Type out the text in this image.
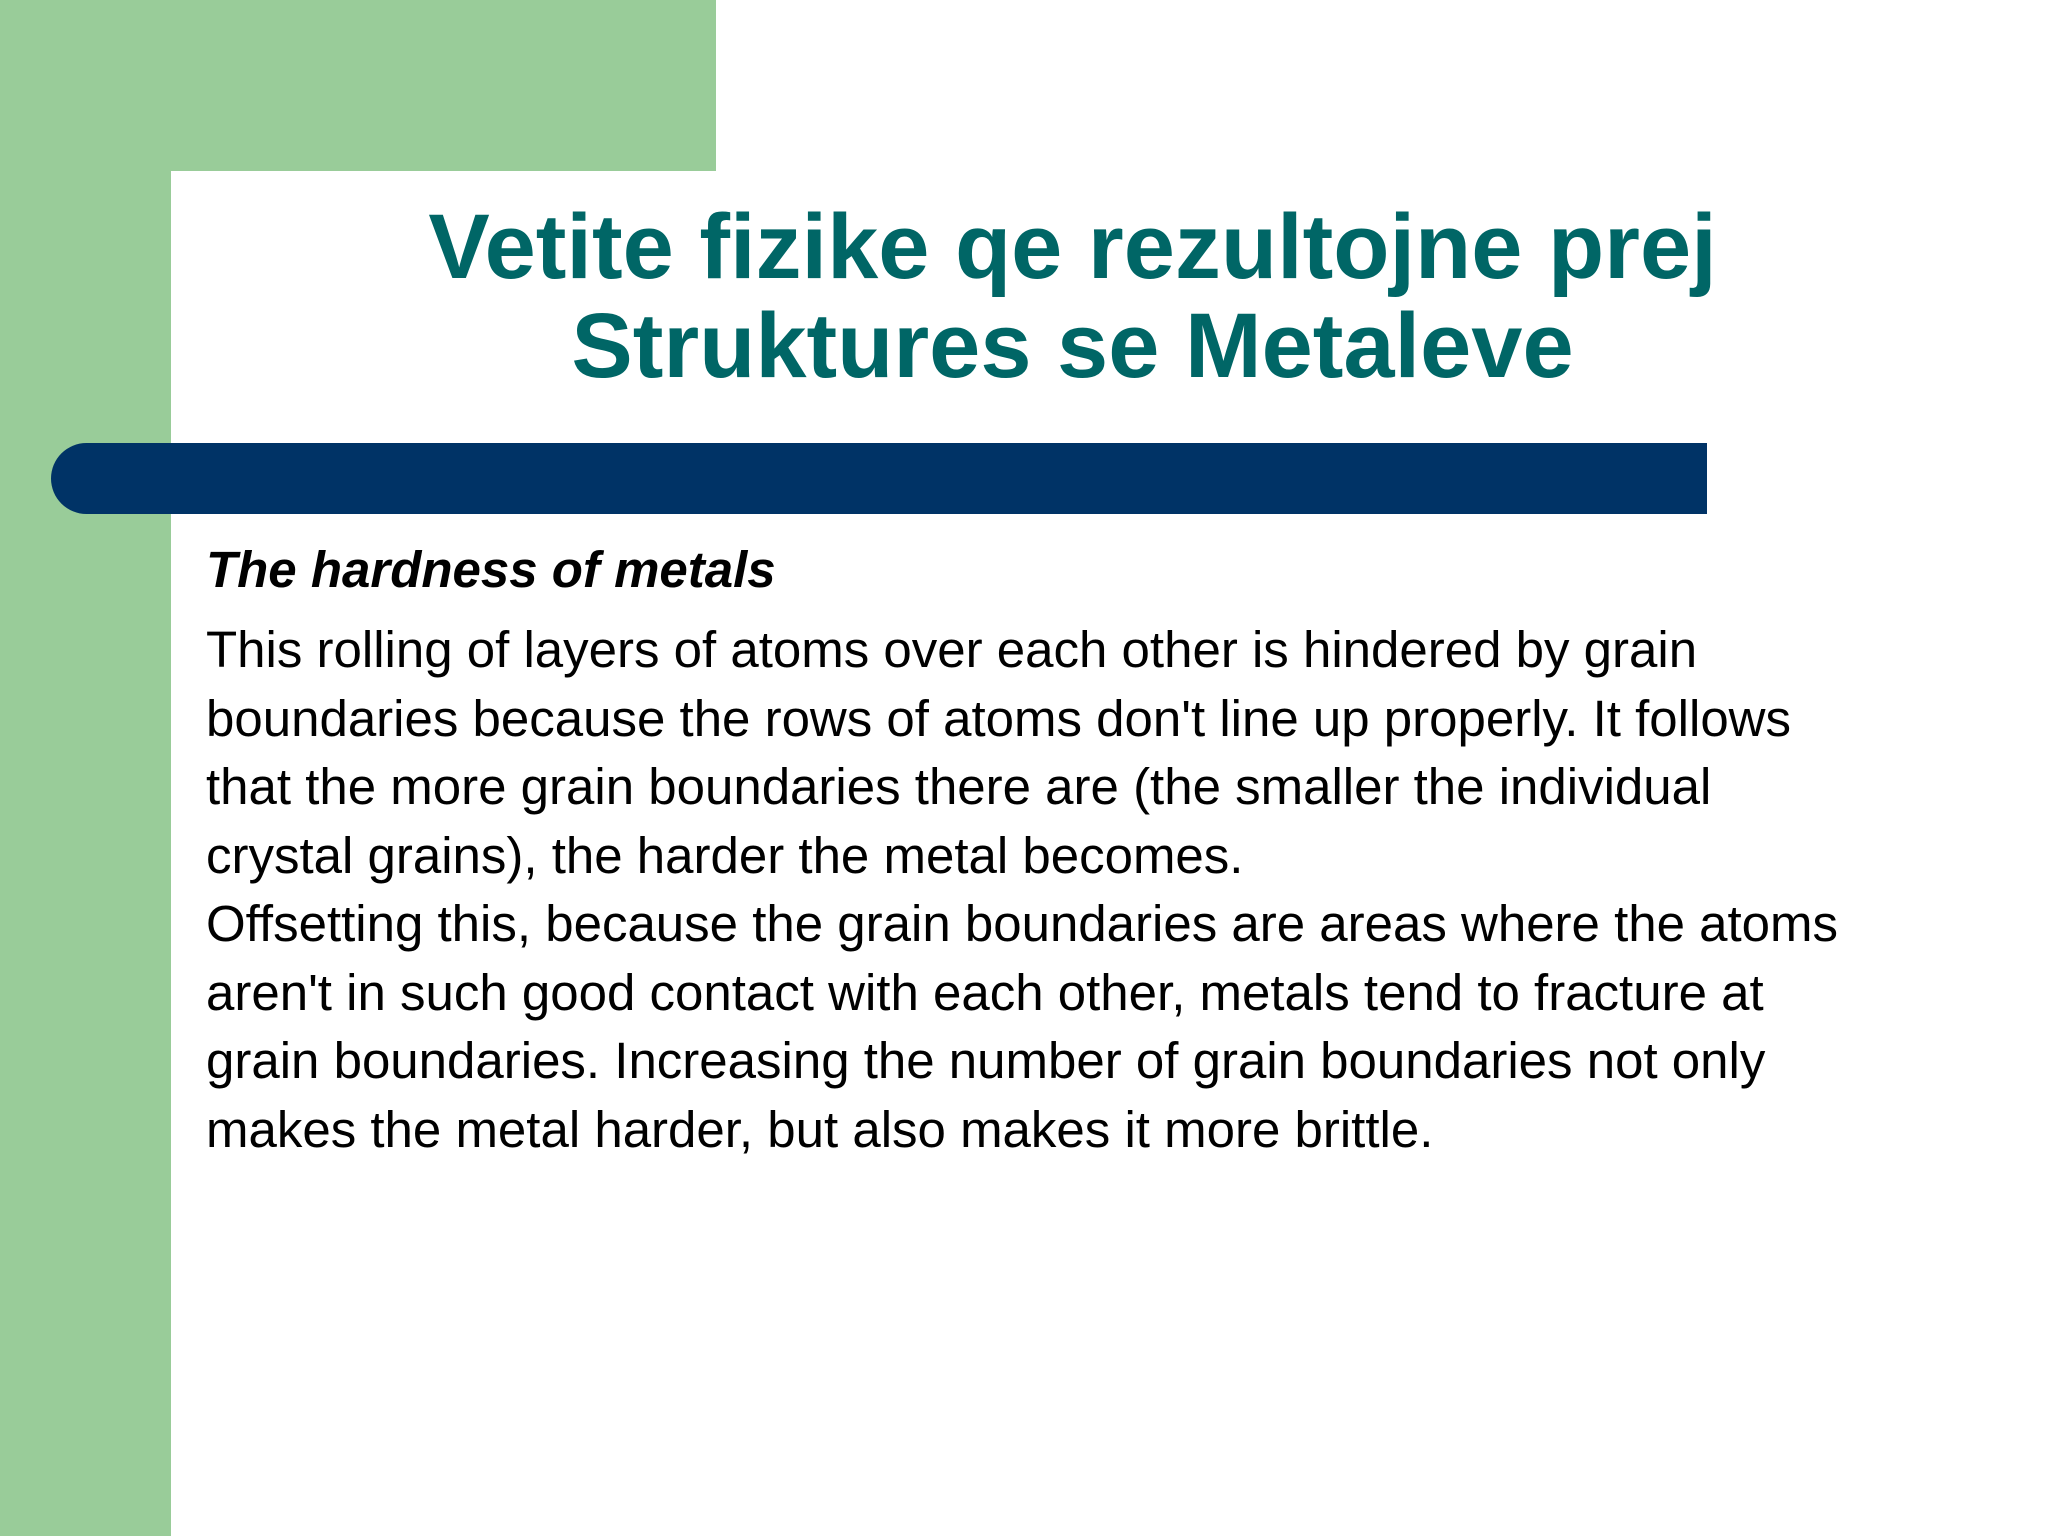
Vetite fizike qe rezultojne prej
Struktures se Metaleve

The hardness of metals

This rolling of layers of atoms over each other is hindered by grain
boundaries because the rows of atoms don't line up properly. It follows
that the more grain boundaries there are (the smaller the individual
crystal grains), the harder the metal becomes.

Offsetting this, because the grain boundaries are areas where the atoms
aren't in such good contact with each other, metals tend to fracture at
grain boundaries. Increasing the number of grain boundaries not only
makes the metal harder, but also makes it more brittle.
